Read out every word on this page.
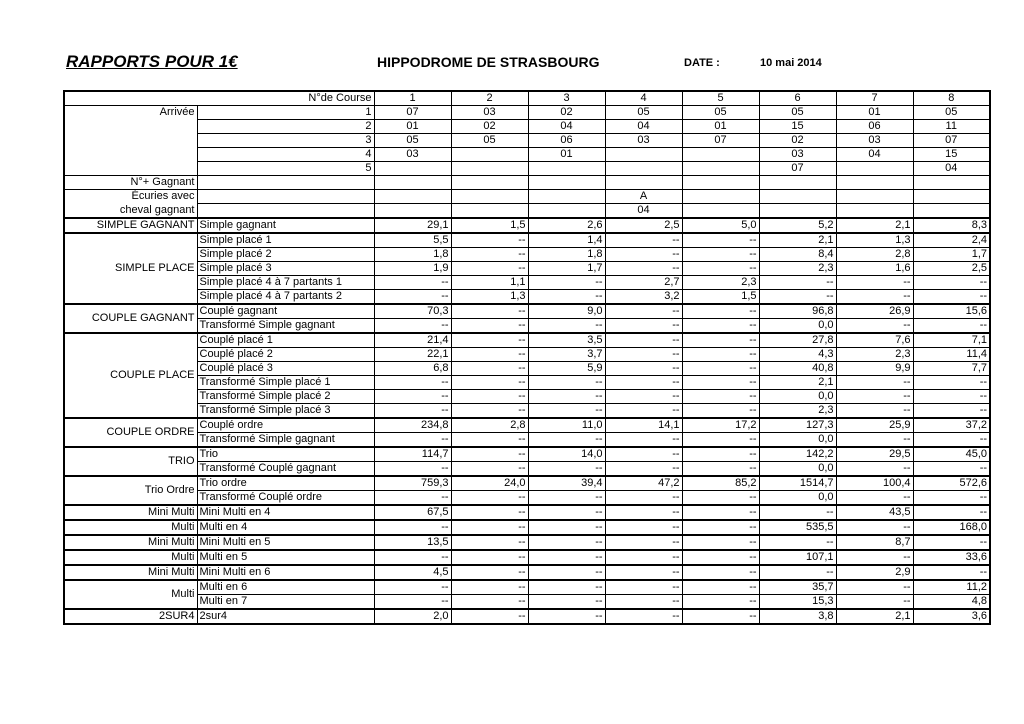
RAPPORTS POUR 1€	HIPPODROME DE STRASBOURG	DATE :	10 mai 2014
N°de Course		1	2	3	4	5	6	7	8
Arrivée	1	07	03	02	05	05	05	01	05
	2	01	02	04	04	01	15	06	11
	3	05	05	06	03	07	02	03	07
	4	03		01			03	04	15
	5						07		04
N°+ Gagnant									
Écuries avec					A				
cheval gagnant					04				
SIMPLE GAGNANT	Simple gagnant	29,1	1,5	2,6	2,5	5,0	5,2	2,1	8,3
SIMPLE PLACE	Simple placé 1	5,5	--	1,4	--	--	2,1	1,3	2,4
	Simple placé 2	1,8	--	1,8	--	--	8,4	2,8	1,7
	Simple placé 3	1,9	--	1,7	--	--	2,3	1,6	2,5
	Simple placé 4 à 7 partants 1	--	1,1	--	2,7	2,3	--	--	--
	Simple placé 4 à 7 partants 2	--	1,3	--	3,2	1,5	--	--	--
COUPLE GAGNANT	Couplé gagnant	70,3	--	9,0	--	--	96,8	26,9	15,6
	Transformé Simple gagnant	--	--	--	--	--	0,0	--	--
COUPLE PLACE	Couplé placé 1	21,4	--	3,5	--	--	27,8	7,6	7,1
	Couplé placé 2	22,1	--	3,7	--	--	4,3	2,3	11,4
	Couplé placé 3	6,8	--	5,9	--	--	40,8	9,9	7,7
	Transformé Simple placé 1	--	--	--	--	--	2,1	--	--
	Transformé Simple placé 2	--	--	--	--	--	0,0	--	--
	Transformé Simple placé 3	--	--	--	--	--	2,3	--	--
COUPLE ORDRE	Couplé ordre	234,8	2,8	11,0	14,1	17,2	127,3	25,9	37,2
	Transformé Simple gagnant	--	--	--	--	--	0,0	--	--
TRIO	Trio	114,7	--	14,0	--	--	142,2	29,5	45,0
	Transformé Couplé gagnant	--	--	--	--	--	0,0	--	--
Trio Ordre	Trio ordre	759,3	24,0	39,4	47,2	85,2	1514,7	100,4	572,6
	Transformé Couplé ordre	--	--	--	--	--	0,0	--	--
Mini Multi	Mini Multi en 4	67,5	--	--	--	--	--	43,5	--
Multi	Multi en 4	--	--	--	--	--	535,5	--	168,0
Mini Multi	Mini Multi en 5	13,5	--	--	--	--	--	8,7	--
Multi	Multi en 5	--	--	--	--	--	107,1	--	33,6
Mini Multi	Mini Multi en 6	4,5	--	--	--	--	--	2,9	--
Multi	Multi en 6	--	--	--	--	--	35,7	--	11,2
	Multi en 7	--	--	--	--	--	15,3	--	4,8
2SUR4	2sur4	2,0	--	--	--	--	3,8	2,1	3,6
